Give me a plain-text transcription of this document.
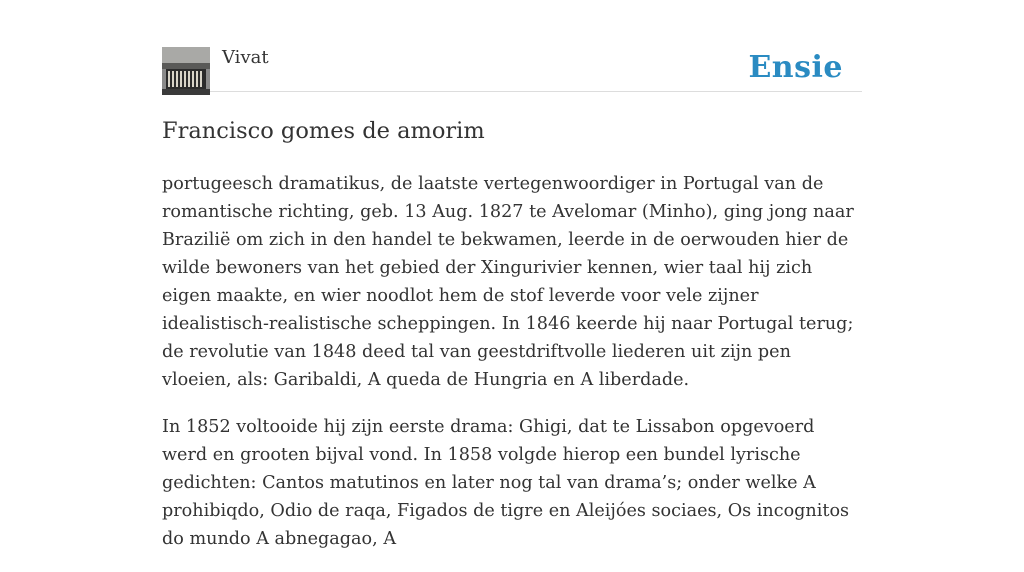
Vivat	Ensie
Francisco gomes de amorim

portugeesch dramatikus, de laatste vertegenwoordiger in Portugal van de romantische richting, geb. 13 Aug. 1827 te Avelomar (Minho), ging jong naar Brazilië om zich in den handel te bekwamen, leerde in de oerwouden hier de wilde bewoners van het gebied der Xingurivier kennen, wier taal hij zich eigen maakte, en wier noodlot hem de stof leverde voor vele zijner idealistisch-realistische scheppingen. In 1846 keerde hij naar Portugal terug; de revolutie van 1848 deed tal van geestdriftvolle liederen uit zijn pen vloeien, als: Garibaldi, A queda de Hungria en A liberdade.

In 1852 voltooide hij zijn eerste drama: Ghigi, dat te Lissabon opgevoerd werd en grooten bijval vond. In 1858 volgde hierop een bundel lyrische gedichten: Cantos matutinos en later nog tal van drama’s; onder welke A prohibiqdo, Odio de raqa, Figados de tigre en Aleijóes sociaes, Os incognitos do mundo A abnegagao, A
